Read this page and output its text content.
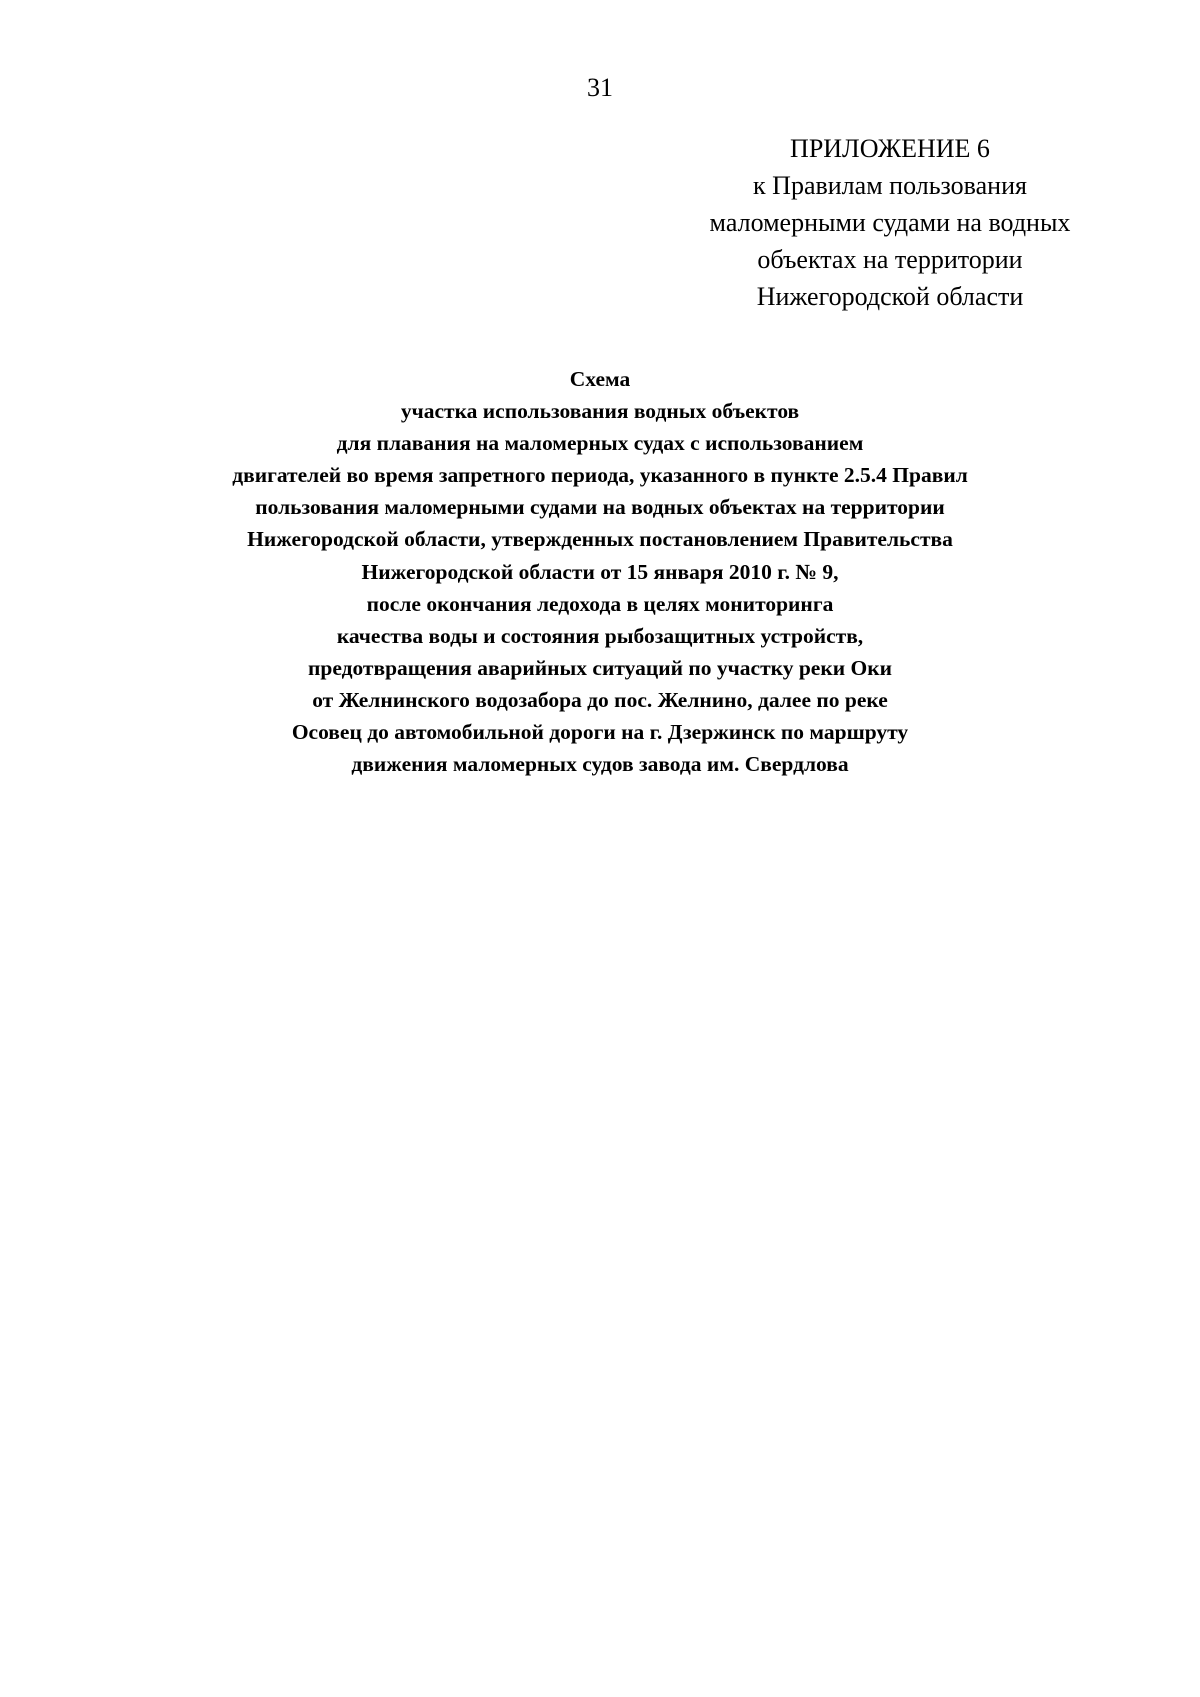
31
ПРИЛОЖЕНИЕ 6
к Правилам пользования
маломерными судами на водных
объектах на территории
Нижегородской области
Схема
участка использования водных объектов
для плавания на маломерных судах с использованием
двигателей во время запретного периода, указанного в пункте 2.5.4 Правил
пользования маломерными судами на водных объектах на территории
Нижегородской области, утвержденных постановлением Правительства
Нижегородской области от 15 января 2010 г. № 9,
после окончания ледохода в целях мониторинга
качества воды и состояния рыбозащитных устройств,
предотвращения аварийных ситуаций по участку реки Оки
от Желнинского водозабора до пос. Желнино, далее по реке
Осовец до автомобильной дороги на г. Дзержинск по маршруту
движения маломерных судов завода им. Свердлова
